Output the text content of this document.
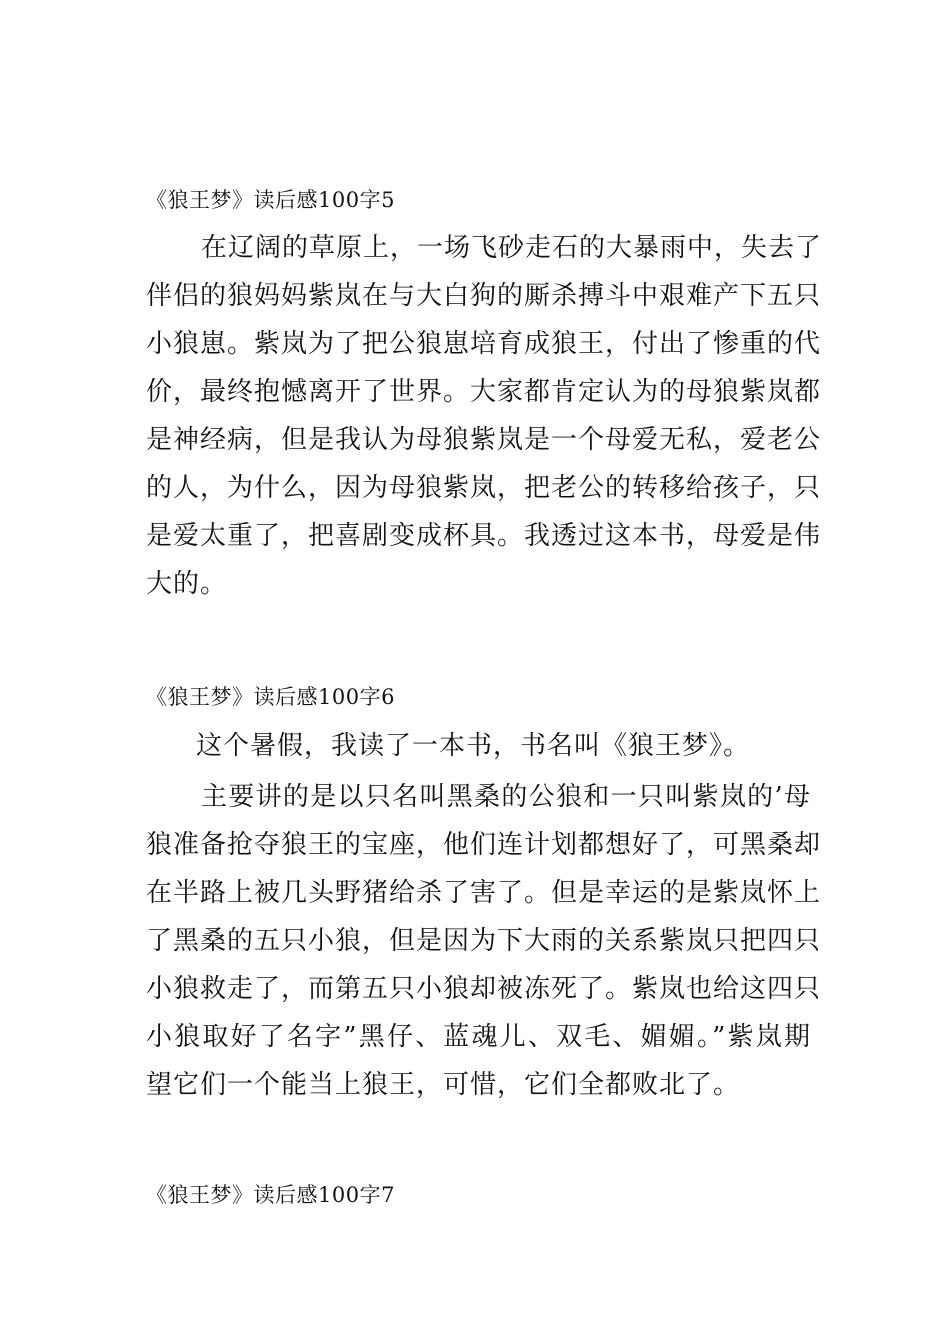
《狼王梦》读后感100字5
在辽阔的草原上，一场飞砂走石的大暴雨中，失去了
伴侣的狼妈妈紫岚在与大白狗的厮杀搏斗中艰难产下五只
小狼崽。紫岚为了把公狼崽培育成狼王，付出了惨重的代
价，最终抱憾离开了世界。大家都肯定认为的母狼紫岚都
是神经病，但是我认为母狼紫岚是一个母爱无私，爱老公
的人，为什么，因为母狼紫岚，把老公的转移给孩子，只
是爱太重了，把喜剧变成杯具。我透过这本书，母爱是伟
大的。
《狼王梦》读后感100字6
这个暑假，我读了一本书，书名叫《狼王梦》。
主要讲的是以只名叫黑桑的公狼和一只叫紫岚的’母
狼准备抢夺狼王的宝座，他们连计划都想好了，可黑桑却
在半路上被几头野猪给杀了害了。但是幸运的是紫岚怀上
了黑桑的五只小狼，但是因为下大雨的关系紫岚只把四只
小狼救走了，而第五只小狼却被冻死了。紫岚也给这四只
小狼取好了名字”黑仔、蓝魂儿、双毛、媚媚。”紫岚期
望它们一个能当上狼王，可惜，它们全都败北了。
《狼王梦》读后感100字7
